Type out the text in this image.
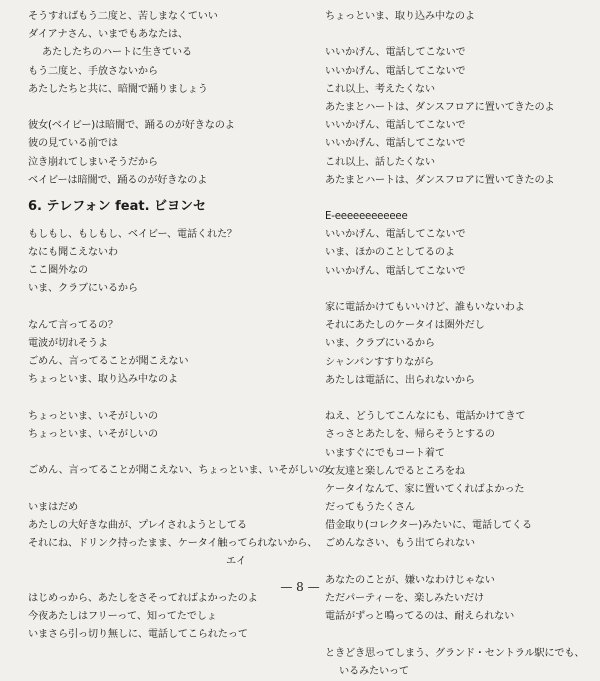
そうすればもう二度と、苦しまなくていい
ダイアナさん、いまでもあなたは、
あたしたちのハートに生きている
もう二度と、手放さないから
あたしたちと共に、暗闇で踊りましょう
彼女(ベイビー)は暗闇で、踊るのが好きなのよ
彼の見ている前では
泣き崩れてしまいそうだから
ベイビーは暗闇で、踊るのが好きなのよ
6. テレフォン feat. ビヨンセ
もしもし、もしもし、ベイビー、電話くれた？
なにも聞こえないわ
ここ圏外なの
いま、クラブにいるから
なんて言ってるの？
電波が切れそうよ
ごめん、言ってることが聞こえない
ちょっといま、取り込み中なのよ
ちょっといま、いそがしいの
ちょっといま、いそがしいの
ごめん、言ってることが聞こえない、ちょっといま、いそがしいの
いまはだめ
あたしの大好きな曲が、プレイされようとしてる
それにね、ドリンク持ったまま、ケータイ触ってられないから、
エイ
はじめっから、あたしをさそってればよかったのよ
今夜あたしはフリーって、知ってたでしょ
いまさら引っ切り無しに、電話してこられたって
ちょっといま、取り込み中なのよ
いいかげん、電話してこないで
いいかげん、電話してこないで
これ以上、考えたくない
あたまとハートは、ダンスフロアに置いてきたのよ
いいかげん、電話してこないで
いいかげん、電話してこないで
これ以上、話したくない
あたまとハートは、ダンスフロアに置いてきたのよ
E-eeeeeeeeeeee
いいかげん、電話してこないで
いま、ほかのことしてるのよ
いいかげん、電話してこないで
家に電話かけてもいいけど、誰もいないわよ
それにあたしのケータイは圏外だし
いま、クラブにいるから
シャンパンすすりながら
あたしは電話に、出られないから
ねえ、どうしてこんなにも、電話かけてきて
さっさとあたしを、帰らそうとするの
いますぐにでもコート着て
女友達と楽しんでるところをね
ケータイなんて、家に置いてくればよかった
だってもうたくさん
借金取り(コレクター)みたいに、電話してくる
ごめんなさい、もう出てられない
あなたのことが、嫌いなわけじゃない
ただパーティーを、楽しみたいだけ
電話がずっと鳴ってるのは、耐えられない
ときどき思ってしまう、グランド・セントラル駅にでも、
いるみたいって
— 8 —
